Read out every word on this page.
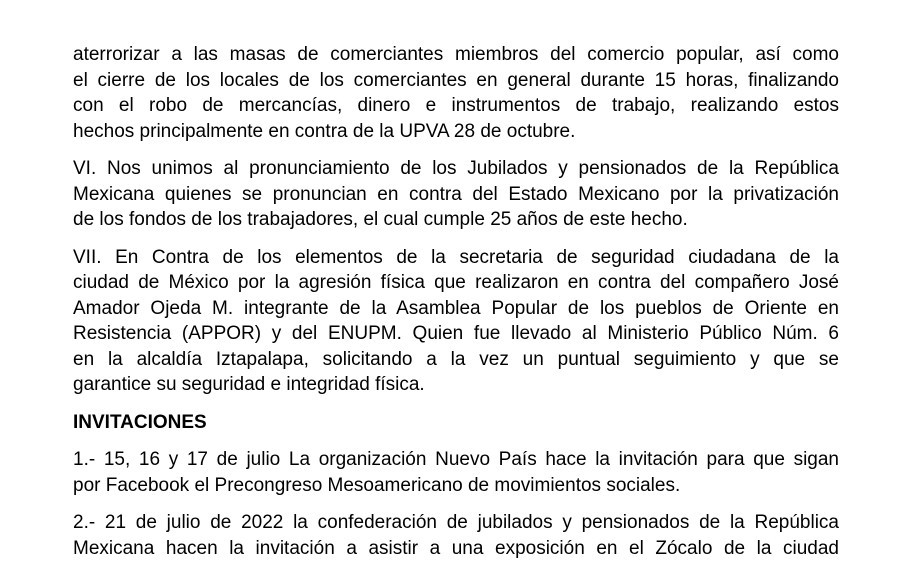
aterrorizar a las masas de comerciantes miembros del comercio popular, así como
el cierre de los locales de los comerciantes en general durante 15 horas, finalizando
con el robo de mercancías, dinero e instrumentos de trabajo, realizando estos
hechos principalmente en contra de la UPVA 28 de octubre.
VI. Nos unimos al pronunciamiento de los Jubilados y pensionados de la República
Mexicana quienes se pronuncian en contra del Estado Mexicano por la privatización
de los fondos de los trabajadores, el cual cumple 25 años de este hecho.
VII. En Contra de los elementos de la secretaria de seguridad ciudadana de la
ciudad de México por la agresión física que realizaron en contra del compañero José
Amador Ojeda M. integrante de la Asamblea Popular de los pueblos de Oriente en
Resistencia (APPOR) y del ENUPM. Quien fue llevado al Ministerio Público Núm. 6
en la alcaldía Iztapalapa, solicitando a la vez un puntual seguimiento y que se
garantice su seguridad e integridad física.
INVITACIONES
1.- 15, 16 y 17 de julio La organización Nuevo País hace la invitación para que sigan
por Facebook el Precongreso Mesoamericano de movimientos sociales.
2.- 21 de julio de 2022 la confederación de jubilados y pensionados de la República
Mexicana hacen la invitación a asistir a una exposición en el Zócalo de la ciudad
